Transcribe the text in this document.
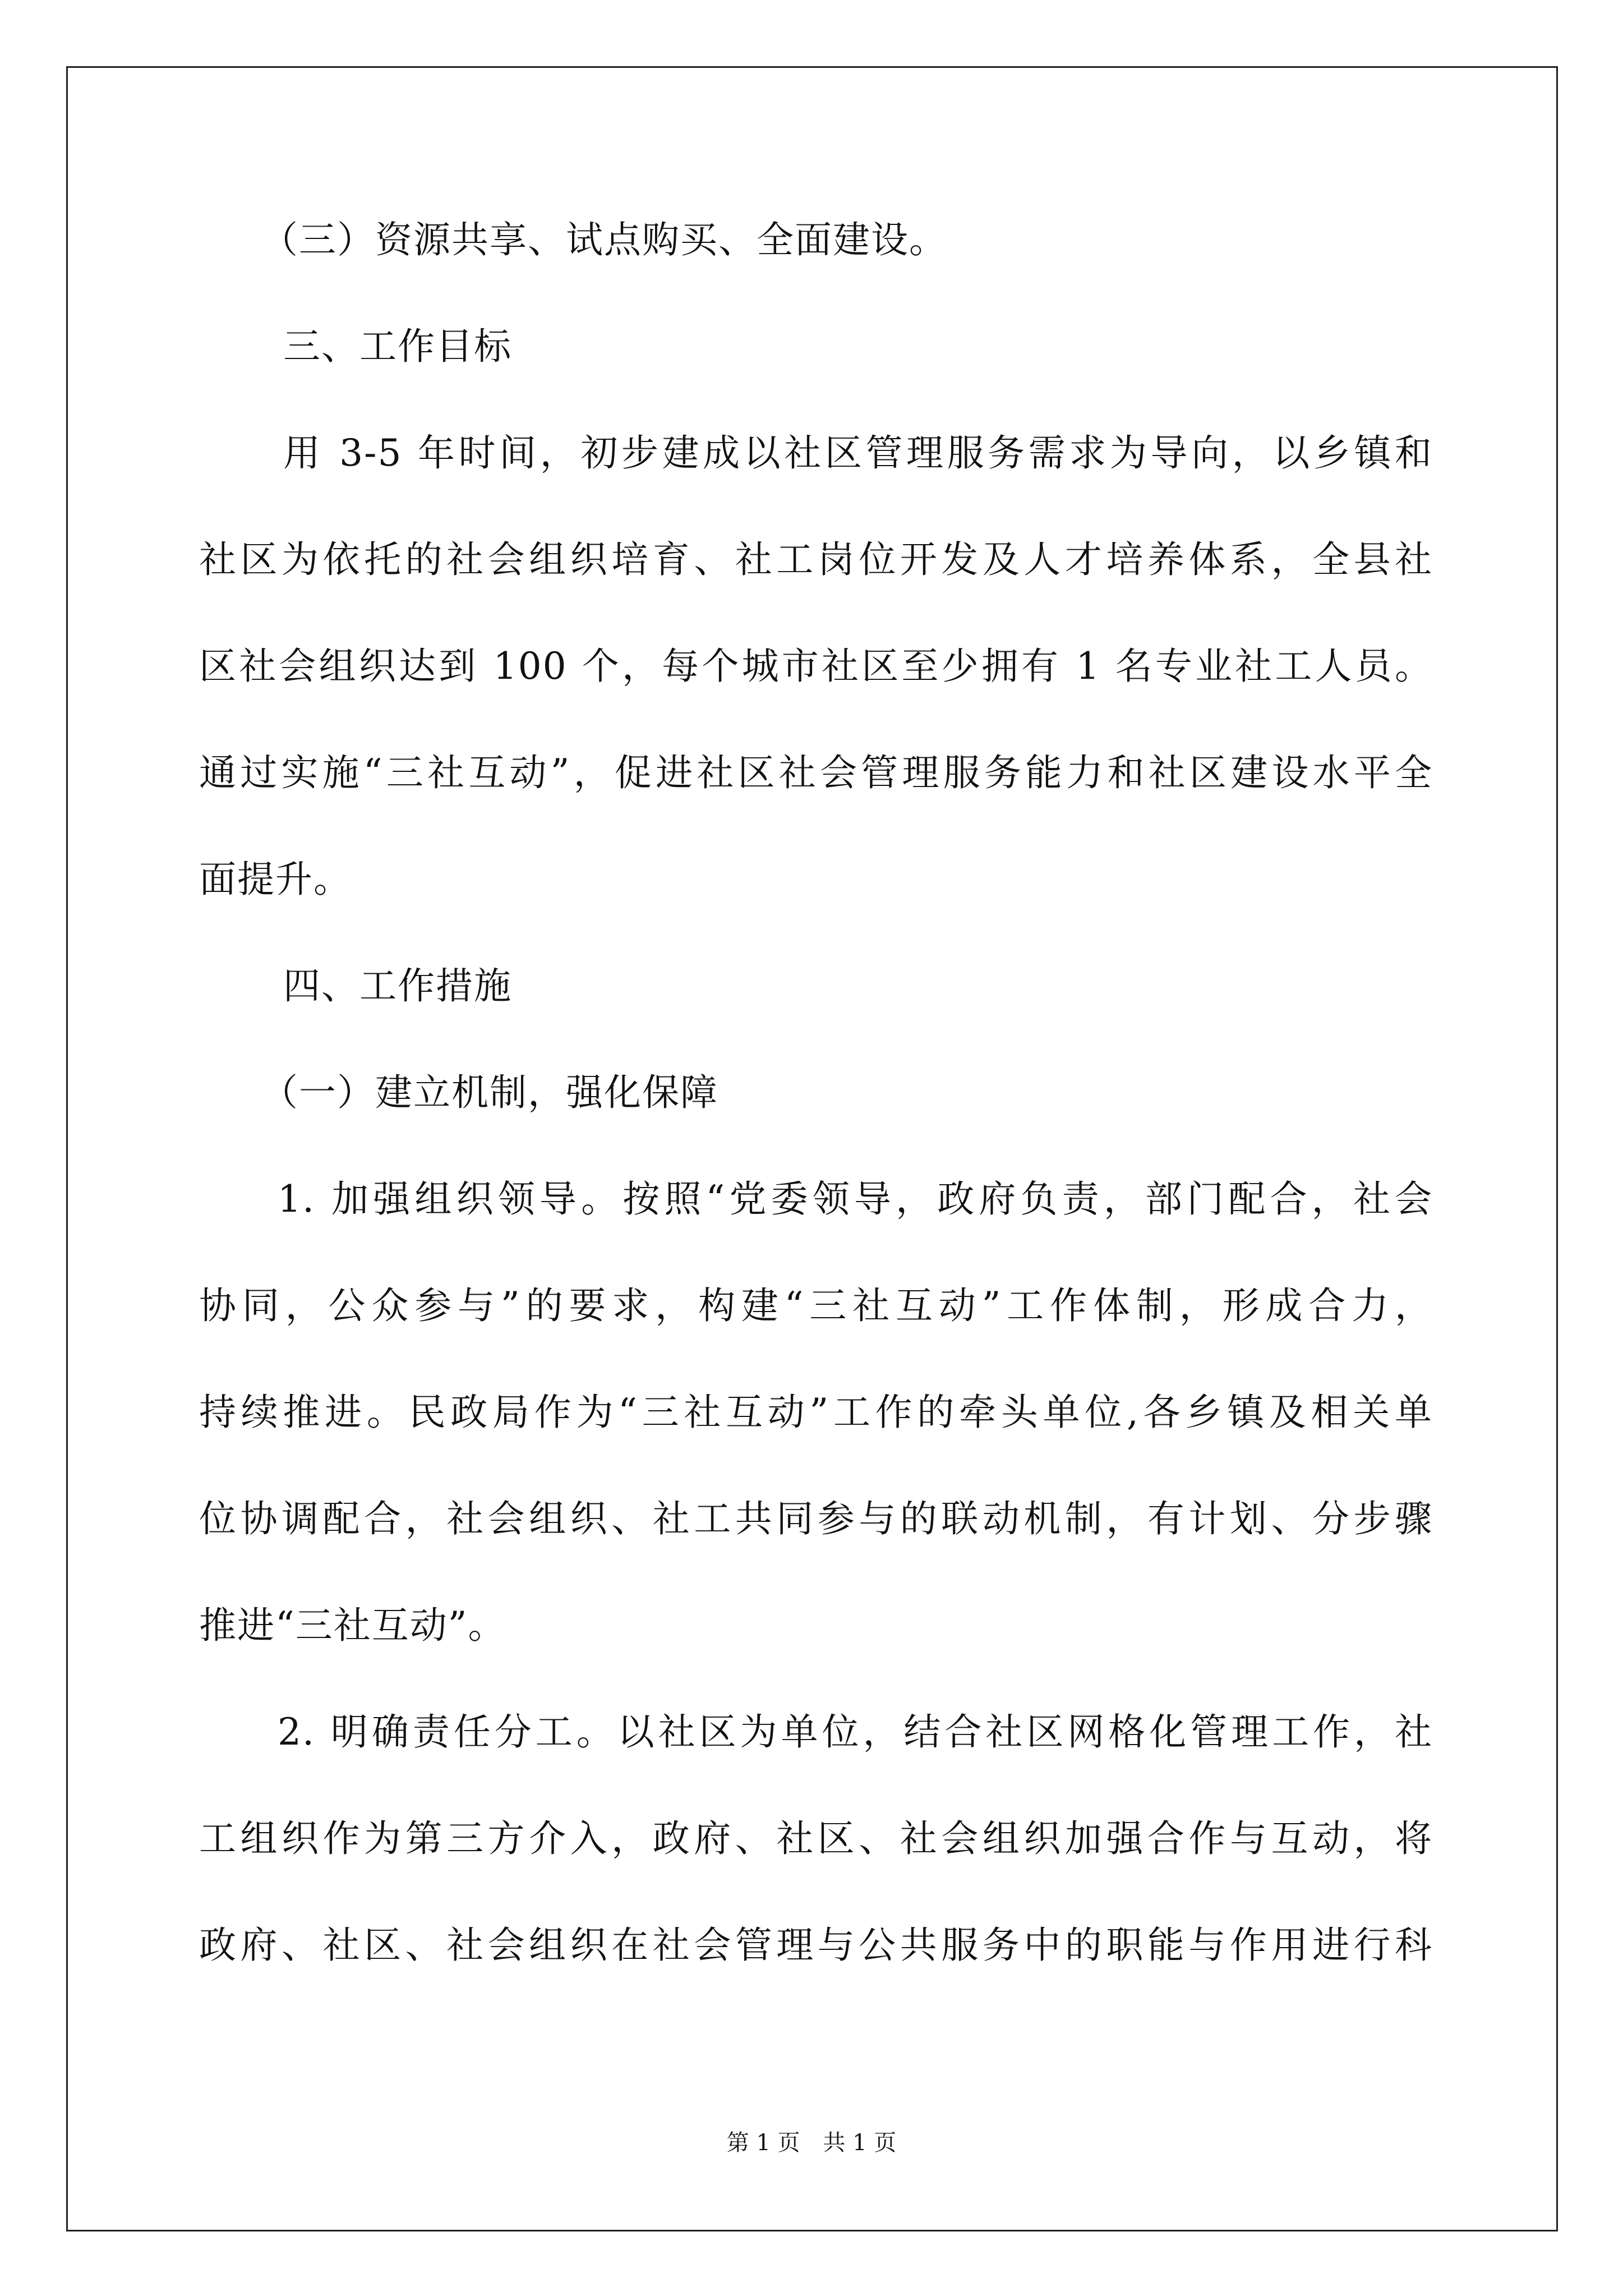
（三）资源共享、试点购买、全面建设。
三、工作目标
用 3-5 年时间，初步建成以社区管理服务需求为导向，以乡镇和
社区为依托的社会组织培育、社工岗位开发及人才培养体系，全县社
区社会组织达到 100 个，每个城市社区至少拥有 1 名专业社工人员。
通过实施“三社互动”，促进社区社会管理服务能力和社区建设水平全
面提升。
四、工作措施
（一）建立机制，强化保障
1. 加强组织领导。按照“党委领导，政府负责，部门配合，社会
协同，公众参与”的要求，构建“三社互动”工作体制，形成合力，
持续推进。民政局作为“三社互动”工作的牵头单位,各乡镇及相关单
位协调配合，社会组织、社工共同参与的联动机制，有计划、分步骤
推进“三社互动”。
2. 明确责任分工。以社区为单位，结合社区网格化管理工作，社
工组织作为第三方介入，政府、社区、社会组织加强合作与互动，将
政府、社区、社会组织在社会管理与公共服务中的职能与作用进行科
第 1 页 共 1 页
